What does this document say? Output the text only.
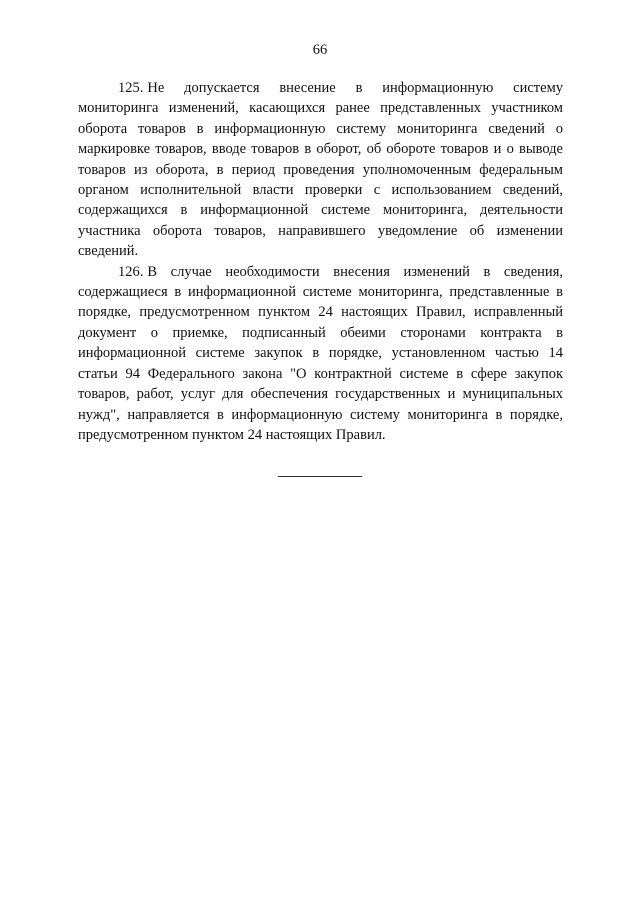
66

125. Не допускается внесение в информационную систему мониторинга изменений, касающихся ранее представленных участником оборота товаров в информационную систему мониторинга сведений о маркировке товаров, вводе товаров в оборот, об обороте товаров и о выводе товаров из оборота, в период проведения уполномоченным федеральным органом исполнительной власти проверки с использованием сведений, содержащихся в информационной системе мониторинга, деятельности участника оборота товаров, направившего уведомление об изменении сведений.

126. В случае необходимости внесения изменений в сведения, содержащиеся в информационной системе мониторинга, представленные в порядке, предусмотренном пунктом 24 настоящих Правил, исправленный документ о приемке, подписанный обеими сторонами контракта в информационной системе закупок в порядке, установленном частью 14 статьи 94 Федерального закона "О контрактной системе в сфере закупок товаров, работ, услуг для обеспечения государственных и муниципальных нужд", направляется в информационную систему мониторинга в порядке, предусмотренном пунктом 24 настоящих Правил.
